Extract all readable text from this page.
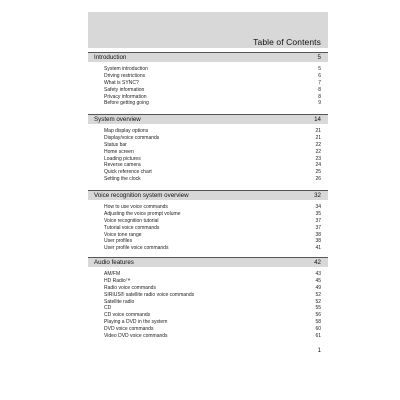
Table of Contents
Introduction	5
System introduction	5
Driving restrictions	6
What is SYNC?	7
Safety information	8
Privacy information	8
Before getting going	9
System overview	14
Map display options	21
Display/voice commands	21
Status bar	22
Home screen	22
Loading pictures	23
Reverse camera	24
Quick reference chart	25
Setting the clock	26
Voice recognition system overview	32
How to use voice commands	34
Adjusting the voice prompt volume	35
Voice recognition tutorial	37
Tutorial voice commands	37
Voice tone range	38
User profiles	38
User profile voice commands	41
Audio features	42
AM/FM	43
HD Radio™	45
Radio voice commands	49
SIRIUS® satellite radio voice commands	52
Satellite radio	52
CD	55
CD voice commands	56
Playing a DVD in the system	58
DVD voice commands	60
Video DVD voice commands	61
1
